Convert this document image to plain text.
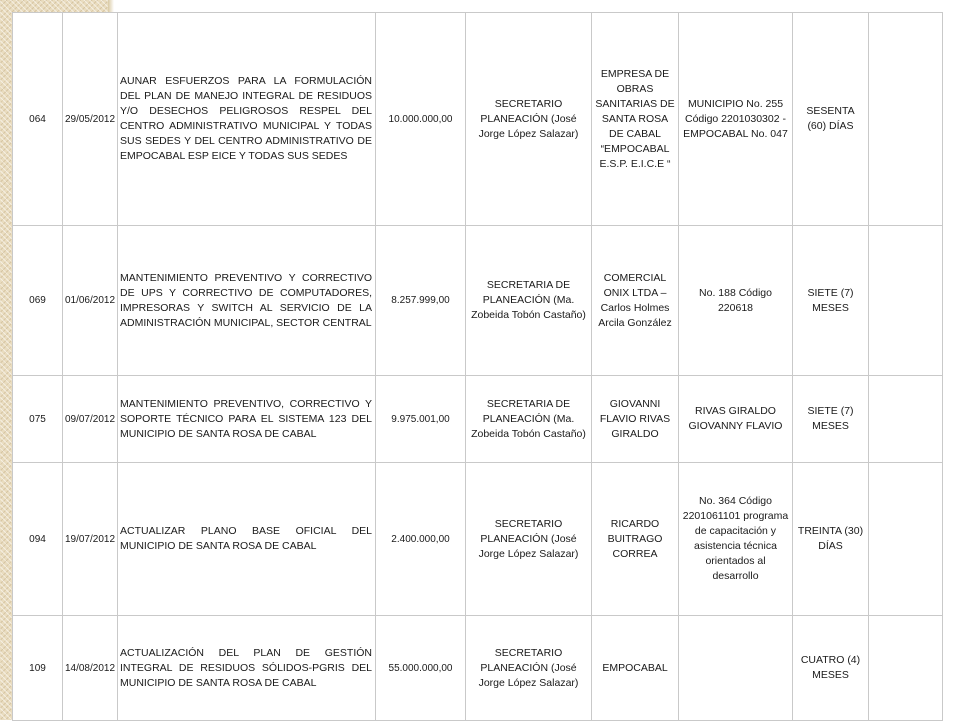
064	29/05/2012	AUNAR ESFUERZOS PARA LA FORMULACIÓN DEL PLAN DE MANEJO INTEGRAL DE RESIDUOS Y/O DESECHOS PELIGROSOS RESPEL DEL CENTRO ADMINISTRATIVO MUNICIPAL Y TODAS SUS SEDES Y DEL CENTRO ADMINISTRATIVO DE EMPOCABAL ESP EICE Y TODAS SUS SEDES	10.000.000,00	SECRETARIO PLANEACIÓN (José Jorge López Salazar)	EMPRESA DE OBRAS SANITARIAS DE SANTA ROSA DE CABAL “EMPOCABAL E.S.P. E.I.C.E “	MUNICIPIO No. 255 Código 2201030302 - EMPOCABAL No. 047	SESENTA (60) DÍAS	
069	01/06/2012	MANTENIMIENTO PREVENTIVO Y CORRECTIVO DE UPS Y CORRECTIVO DE COMPUTADORES, IMPRESORAS Y SWITCH AL SERVICIO DE LA ADMINISTRACIÓN MUNICIPAL, SECTOR CENTRAL	8.257.999,00	SECRETARIA DE PLANEACIÓN (Ma. Zobeida Tobón Castaño)	COMERCIAL ONIX LTDA – Carlos Holmes Arcila González	No. 188 Código 220618	SIETE (7) MESES	
075	09/07/2012	MANTENIMIENTO PREVENTIVO, CORRECTIVO Y SOPORTE TÉCNICO PARA EL SISTEMA 123 DEL MUNICIPIO DE SANTA ROSA DE CABAL	9.975.001,00	SECRETARIA DE PLANEACIÓN (Ma. Zobeida Tobón Castaño)	GIOVANNI FLAVIO RIVAS GIRALDO	RIVAS GIRALDO GIOVANNY FLAVIO	SIETE (7) MESES	
094	19/07/2012	ACTUALIZAR PLANO BASE OFICIAL DEL MUNICIPIO DE SANTA ROSA DE CABAL	2.400.000,00	SECRETARIO PLANEACIÓN (José Jorge López Salazar)	RICARDO BUITRAGO CORREA	No. 364 Código 2201061101 programa de capacitación y asistencia técnica orientados al desarrollo	TREINTA (30) DÍAS	
109	14/08/2012	ACTUALIZACIÓN DEL PLAN DE GESTIÓN INTEGRAL DE RESIDUOS SÓLIDOS-PGRIS DEL MUNICIPIO DE SANTA ROSA DE CABAL	55.000.000,00	SECRETARIO PLANEACIÓN (José Jorge López Salazar)	EMPOCABAL		CUATRO (4) MESES	
